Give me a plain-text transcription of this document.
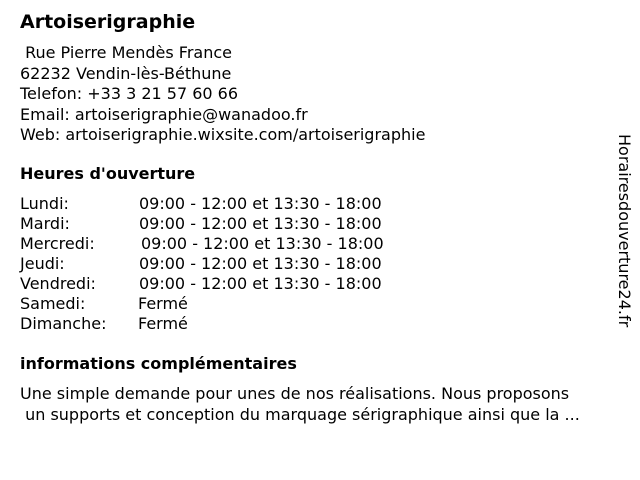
Artoiserigraphie
Rue Pierre Mendès France
62232 Vendin-lès-Béthune
Telefon: +33 3 21 57 60 66
Email: artoiserigraphie@wanadoo.fr
Web: artoiserigraphie.wixsite.com/artoiserigraphie
Heures d'ouverture
Lundi:	09:00 - 12:00 et 13:30 - 18:00
Mardi:	09:00 - 12:00 et 13:30 - 18:00
Mercredi:	09:00 - 12:00 et 13:30 - 18:00
Jeudi:	09:00 - 12:00 et 13:30 - 18:00
Vendredi:	09:00 - 12:00 et 13:30 - 18:00
Samedi:	Fermé
Dimanche: Fermé
informations complémentaires
Une simple demande pour unes de nos réalisations. Nous proposons
un supports et conception du marquage sérigraphique ainsi que la ...
Horairesdouverture24.fr
